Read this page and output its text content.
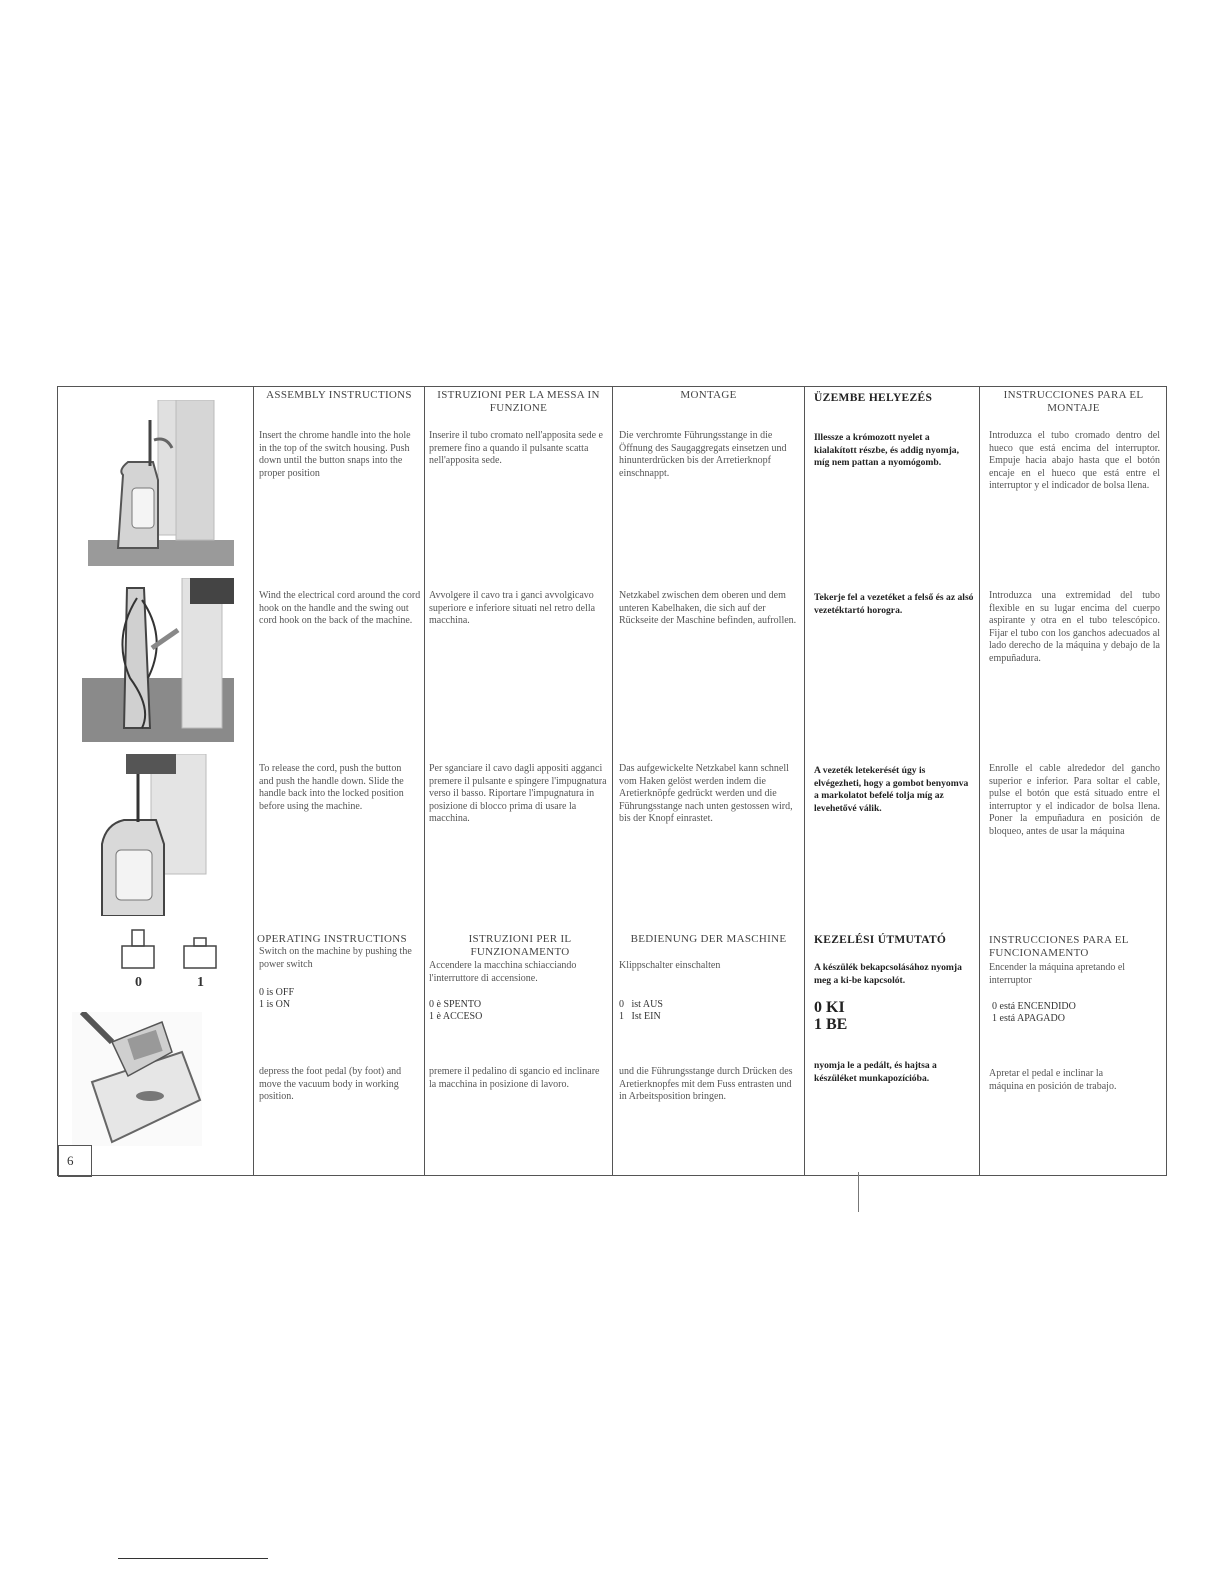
0	1
ASSEMBLY INSTRUCTIONS
Insert the chrome handle into the hole in the top of the switch housing. Push down until the button snaps into the proper position
Wind the electrical cord around the cord hook on the handle and the swing out cord hook on the back of the machine.
To release the cord, push the button and push the handle down. Slide the handle back into the locked position before using the machine.
OPERATING INSTRUCTIONS
Switch on the machine by pushing the power switch
0 is OFF
1 is ON
depress the foot pedal (by foot) and move the vacuum body in working position.
ISTRUZIONI PER LA MESSA IN FUNZIONE
Inserire il tubo cromato nell'apposita sede e premere fino a quando il pulsante scatta nell'apposita sede.
Avvolgere il cavo tra i ganci avvolgicavo superiore e inferiore situati nel retro della macchina.
Per sganciare il cavo dagli appositi agganci premere il pulsante e spingere l'impugnatura verso il basso. Riportare l'impugnatura in posizione di blocco prima di usare la macchina.
ISTRUZIONI PER IL FUNZIONAMENTO
Accendere la macchina schiacciando l'interruttore di accensione.
0 è SPENTO
1 è ACCESO
premere il pedalino di sgancio ed inclinare la macchina in posizione di lavoro.
MONTAGE
Die verchromte Führungsstange in die Öffnung des Saugaggregats einsetzen und hinunterdrücken bis der Arretierknopf einschnappt.
Netzkabel zwischen dem oberen und dem unteren Kabelhaken, die sich auf der Rückseite der Maschine befinden, aufrollen.
Das aufgewickelte Netzkabel kann schnell vom Haken gelöst werden indem die Aretierknöpfe gedrückt werden und die Führungsstange nach unten gestossen wird, bis der Knopf einrastet.
BEDIENUNG DER MASCHINE
Klippschalter einschalten
0   ist AUS
1   Ist EIN
und die Führungsstange durch Drücken des Aretierknopfes mit dem Fuss entrasten und in Arbeitsposition bringen.
ÜZEMBE HELYEZÉS
Illessze a krómozott nyelet a kialakított részbe, és addig nyomja, míg nem pattan a nyomógomb.
Tekerje fel a vezetéket a felső és az alsó vezetéktartó horogra.
A vezeték letekerését úgy is elvégezheti, hogy a gombot benyomva a markolatot befelé tolja míg az levehetővé válik.
KEZELÉSI ÚTMUTATÓ
A készülék bekapcsolásához nyomja meg a ki-be kapcsolót.
0 KI
1 BE
nyomja le a pedált, és hajtsa a készüléket munkapozícióba.
INSTRUCCIONES PARA EL MONTAJE
Introduzca el tubo cromado dentro del hueco que está encima del interruptor. Empuje hacia abajo hasta que el botón encaje en el hueco que está entre el interruptor y el indicador de bolsa llena.
Introduzca una extremidad del tubo flexible en su lugar encima del cuerpo aspirante y otra en el tubo telescópico. Fijar el tubo con los ganchos adecuados al lado derecho de la máquina y debajo de la empuñadura.
Enrolle el cable alrededor del gancho superior e inferior. Para soltar el cable, pulse el botón que está situado entre el interruptor y el indicador de bolsa llena. Poner la empuñadura en posición de bloqueo, antes de usar la máquina
INSTRUCCIONES PARA EL FUNCIONAMENTO
Encender la máquina apretando el interruptor
0 está ENCENDIDO
1 está APAGADO
Apretar el pedal e inclinar la máquina en posición de trabajo.
6
